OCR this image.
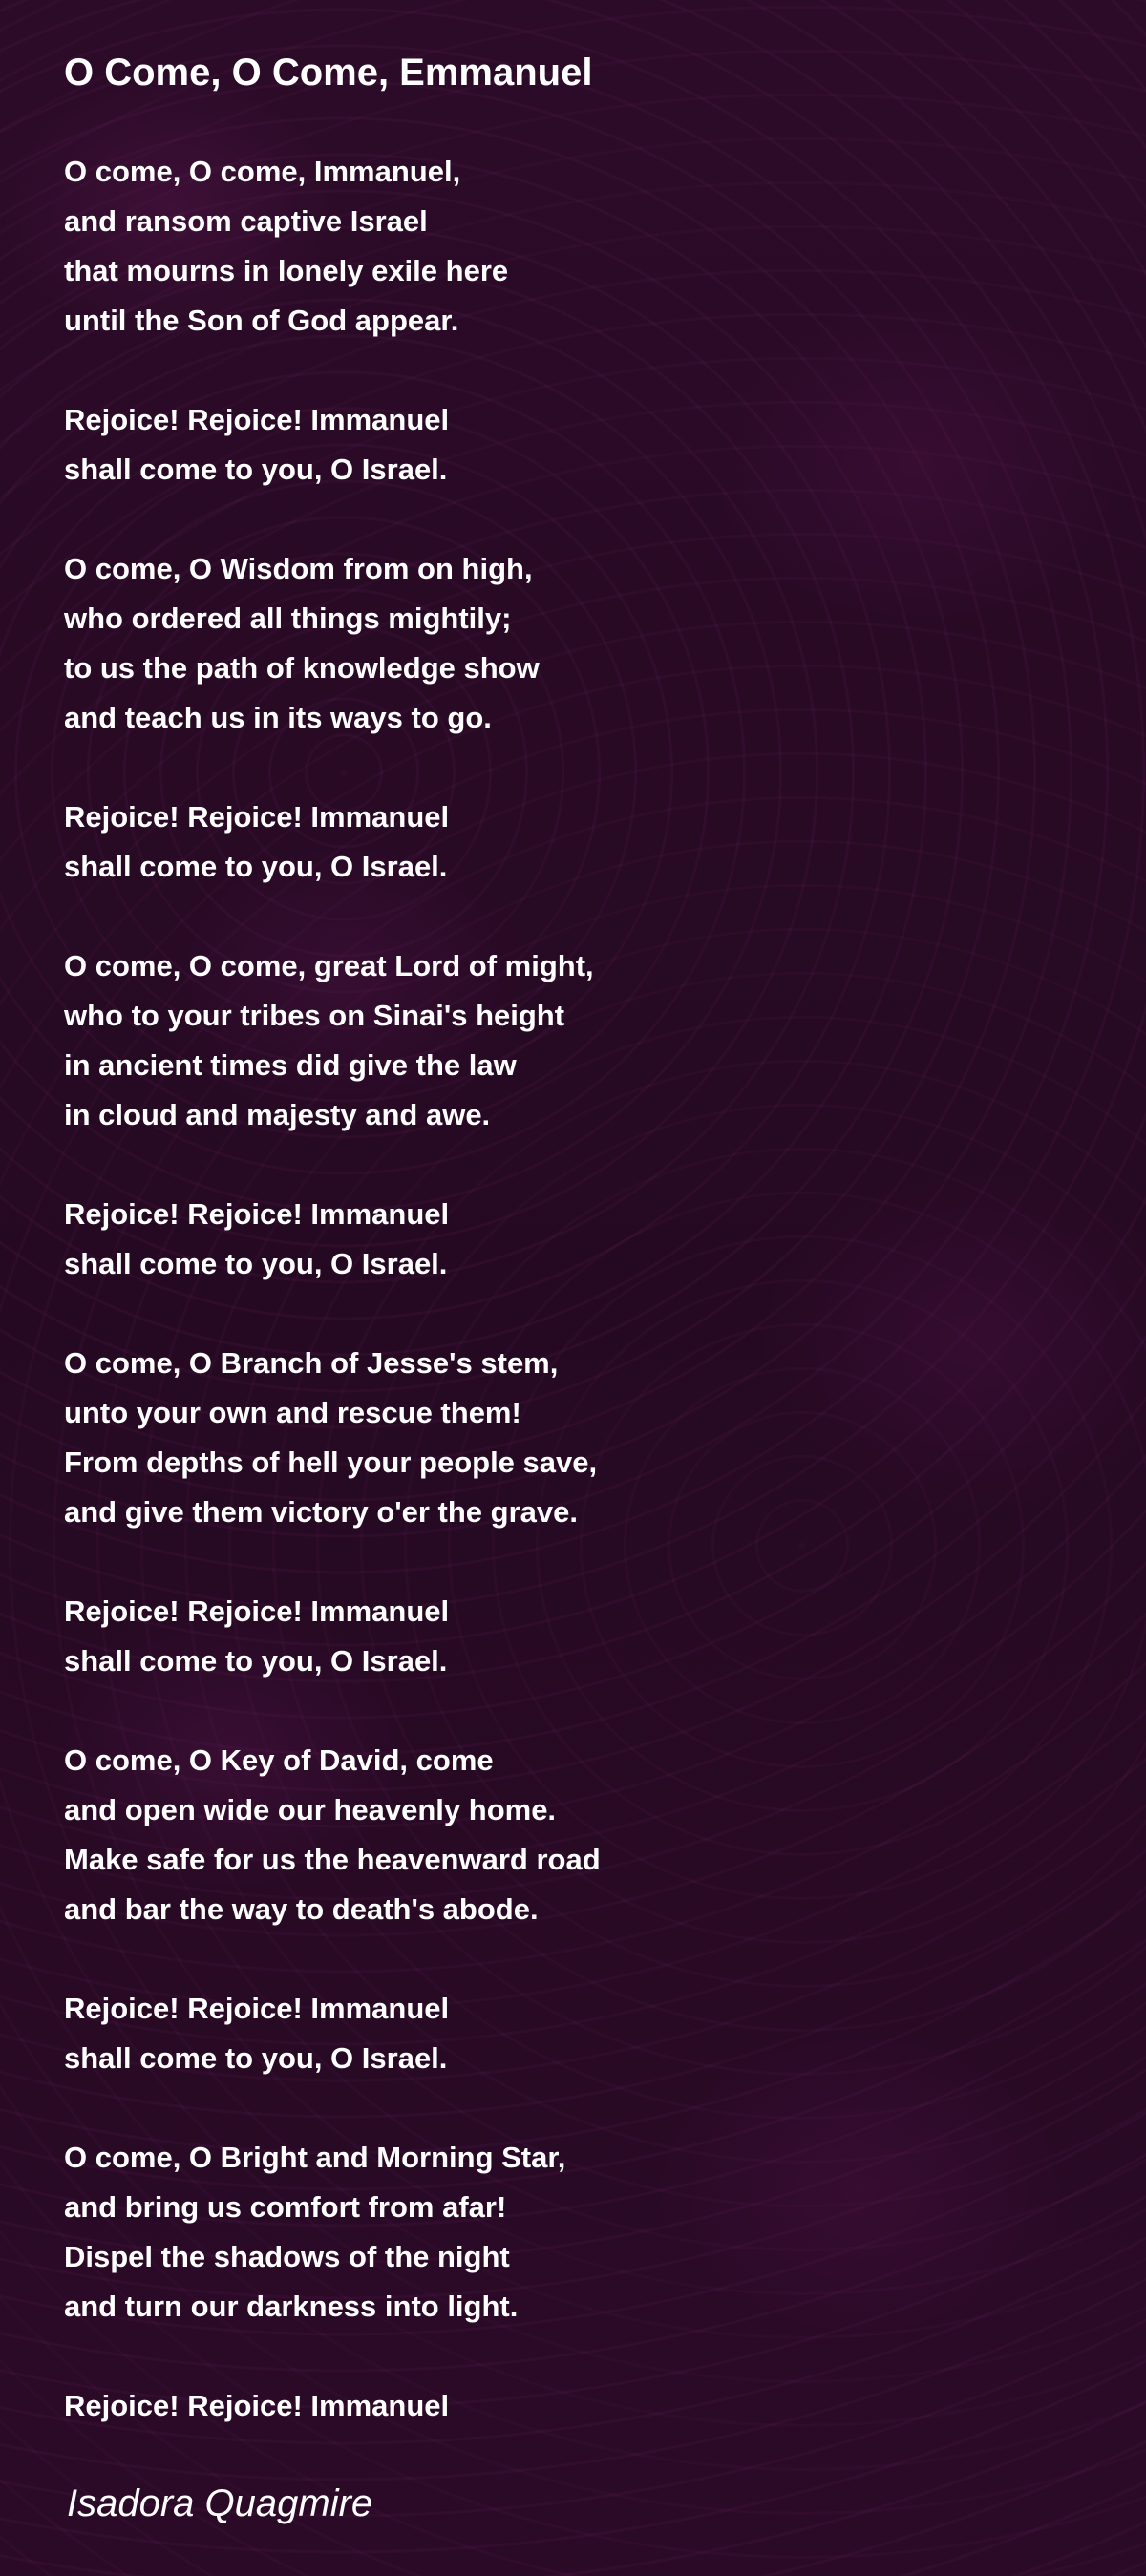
O Come, O Come, Emmanuel
O come, O come, Immanuel,
and ransom captive Israel
that mourns in lonely exile here
until the Son of God appear.
Rejoice! Rejoice! Immanuel
shall come to you, O Israel.
O come, O Wisdom from on high,
who ordered all things mightily;
to us the path of knowledge show
and teach us in its ways to go.
Rejoice! Rejoice! Immanuel
shall come to you, O Israel.
O come, O come, great Lord of might,
who to your tribes on Sinai's height
in ancient times did give the law
in cloud and majesty and awe.
Rejoice! Rejoice! Immanuel
shall come to you, O Israel.
O come, O Branch of Jesse's stem,
unto your own and rescue them!
From depths of hell your people save,
and give them victory o'er the grave.
Rejoice! Rejoice! Immanuel
shall come to you, O Israel.
O come, O Key of David, come
and open wide our heavenly home.
Make safe for us the heavenward road
and bar the way to death's abode.
Rejoice! Rejoice! Immanuel
shall come to you, O Israel.
O come, O Bright and Morning Star,
and bring us comfort from afar!
Dispel the shadows of the night
and turn our darkness into light.
Rejoice! Rejoice! Immanuel
Isadora Quagmire
